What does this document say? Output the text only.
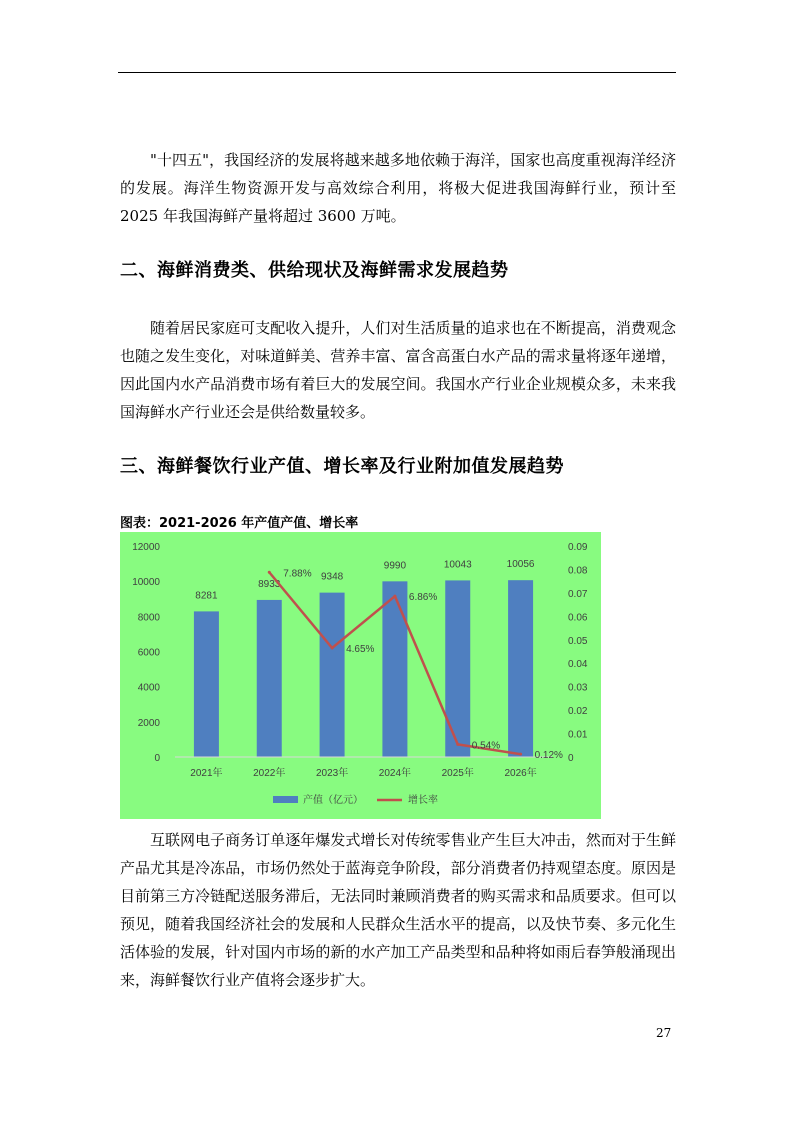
"十四五"，我国经济的发展将越来越多地依赖于海洋，国家也高度重视海洋经济的发展。海洋生物资源开发与高效综合利用，将极大促进我国海鲜行业，预计至 2025 年我国海鲜产量将超过 3600 万吨。

二、海鲜消费类、供给现状及海鲜需求发展趋势

随着居民家庭可支配收入提升，人们对生活质量的追求也在不断提高，消费观念也随之发生变化，对味道鲜美、营养丰富、富含高蛋白水产品的需求量将逐年递增，因此国内水产品消费市场有着巨大的发展空间。我国水产行业企业规模众多，未来我国海鲜水产行业还会是供给数量较多。

三、海鲜餐饮行业产值、增长率及行业附加值发展趋势
图表：2021-2026 年产值产值、增长率
0
2000
4000
6000
8000
10000
12000
0
0.01
0.02
0.03
0.04
0.05
0.06
0.07
0.08
0.09
8281
8933
9348
9990	10043	10056
2021年	2022年	2023年	2024年	2025年	2026年
7.88%
4.65%
6.86%
0.54%
0.12%
产值（亿元）	增长率

互联网电子商务订单逐年爆发式增长对传统零售业产生巨大冲击，然而对于生鲜产品尤其是冷冻品，市场仍然处于蓝海竞争阶段，部分消费者仍持观望态度。原因是目前第三方冷链配送服务滞后，无法同时兼顾消费者的购买需求和品质要求。但可以预见，随着我国经济社会的发展和人民群众生活水平的提高，以及快节奏、多元化生活体验的发展，针对国内市场的新的水产加工产品类型和品种将如雨后春笋般涌现出来，海鲜餐饮行业产值将会逐步扩大。

27
